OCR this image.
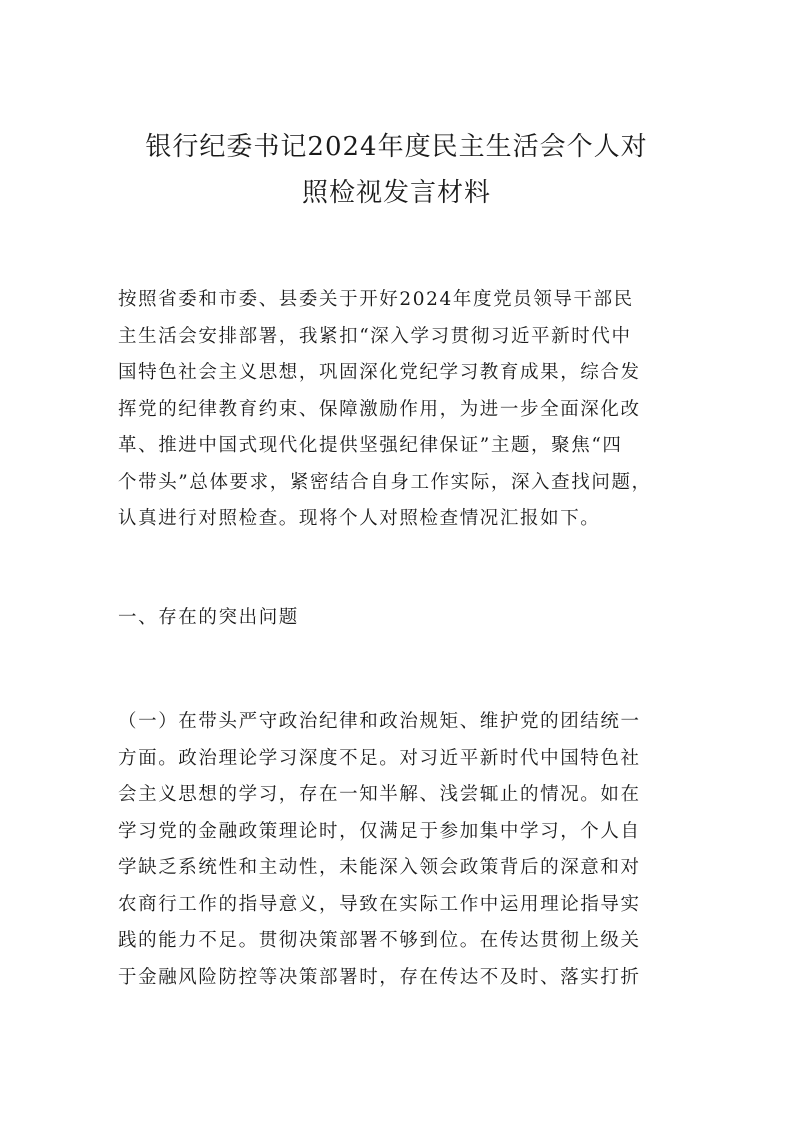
银行纪委书记2024年度民主生活会个人对
照检视发言材料

按照省委和市委、县委关于开好2024年度党员领导干部民
主生活会安排部署，我紧扣“深入学习贯彻习近平新时代中
国特色社会主义思想，巩固深化党纪学习教育成果，综合发
挥党的纪律教育约束、保障激励作用，为进一步全面深化改
革、推进中国式现代化提供坚强纪律保证”主题，聚焦“四
个带头”总体要求，紧密结合自身工作实际，深入查找问题，
认真进行对照检查。现将个人对照检查情况汇报如下。

一、存在的突出问题

（一）在带头严守政治纪律和政治规矩、维护党的团结统一
方面。政治理论学习深度不足。对习近平新时代中国特色社
会主义思想的学习，存在一知半解、浅尝辄止的情况。如在
学习党的金融政策理论时，仅满足于参加集中学习，个人自
学缺乏系统性和主动性，未能深入领会政策背后的深意和对
农商行工作的指导意义，导致在实际工作中运用理论指导实
践的能力不足。贯彻决策部署不够到位。在传达贯彻上级关
于金融风险防控等决策部署时，存在传达不及时、落实打折
